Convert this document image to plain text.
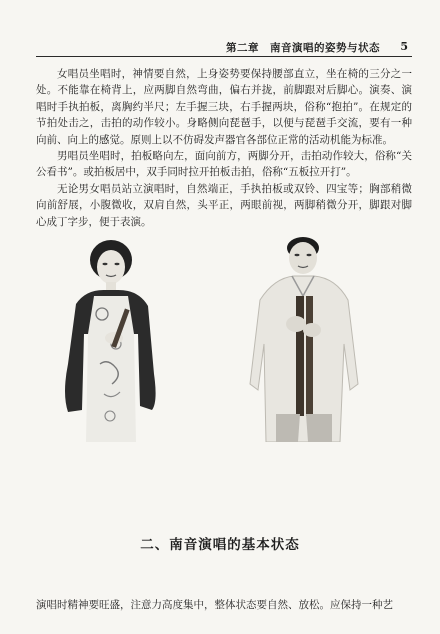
第二章　南音演唱的姿势与状态 5

女唱员坐唱时，神情要自然，上身姿势要保持腰部直立，坐在椅的三分之一处。不能靠在椅背上，应两脚自然弯曲，偏右并拢，前脚跟对后脚心。演奏、演唱时手执拍板，离胸约半尺；左手握三块，右手握两块，俗称“抱拍”。在规定的节拍处击之，击拍的动作较小。身略侧向琵琶手，以便与琵琶手交流，要有一种向前、向上的感觉。原则上以不仿碍发声器官各部位正常的活动机能为标准。

男唱员坐唱时，拍板略向左，面向前方，两脚分开，击拍动作较大，俗称“关公看书”。或拍板居中，双手同时拉开拍板击拍，俗称“五板拉开打”。

无论男女唱员站立演唱时，自然端正，手执拍板或双铃、四宝等；胸部稍微向前舒展，小腹微收，双肩自然，头平正，两眼前视，两脚稍微分开，脚跟对脚心成丁字步，便于表演。

二、南音演唱的基本状态
演唱时精神要旺盛，注意力高度集中，整体状态要自然、放松。应保持一种艺
